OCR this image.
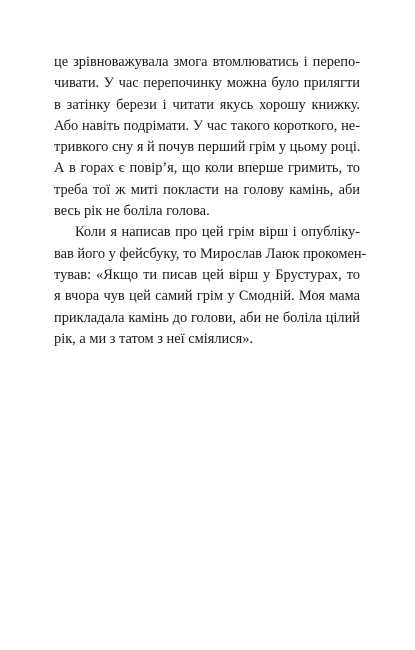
це зрівноважувала змога втомлюватись і перепо-
чивати. У час перепочинку можна було прилягти
в затінку берези і читати якусь хорошу книжку.
Або навіть подрімати. У час такого короткого, не-
тривкого сну я й почув перший грім у цьому році.
А в горах є повір’я, що коли вперше гримить, то
треба тої ж миті покласти на голову камінь, аби
весь рік не боліла голова.
Коли я написав про цей грім вірш і опубліку-
вав його у фейсбуку, то Мирослав Лаюк прокомен-
тував: «Якщо ти писав цей вірш у Брустурах, то
я вчора чув цей самий грім у Смодній. Моя мама
прикладала камінь до голови, аби не боліла цілий
рік, а ми з татом з неї сміялися».
